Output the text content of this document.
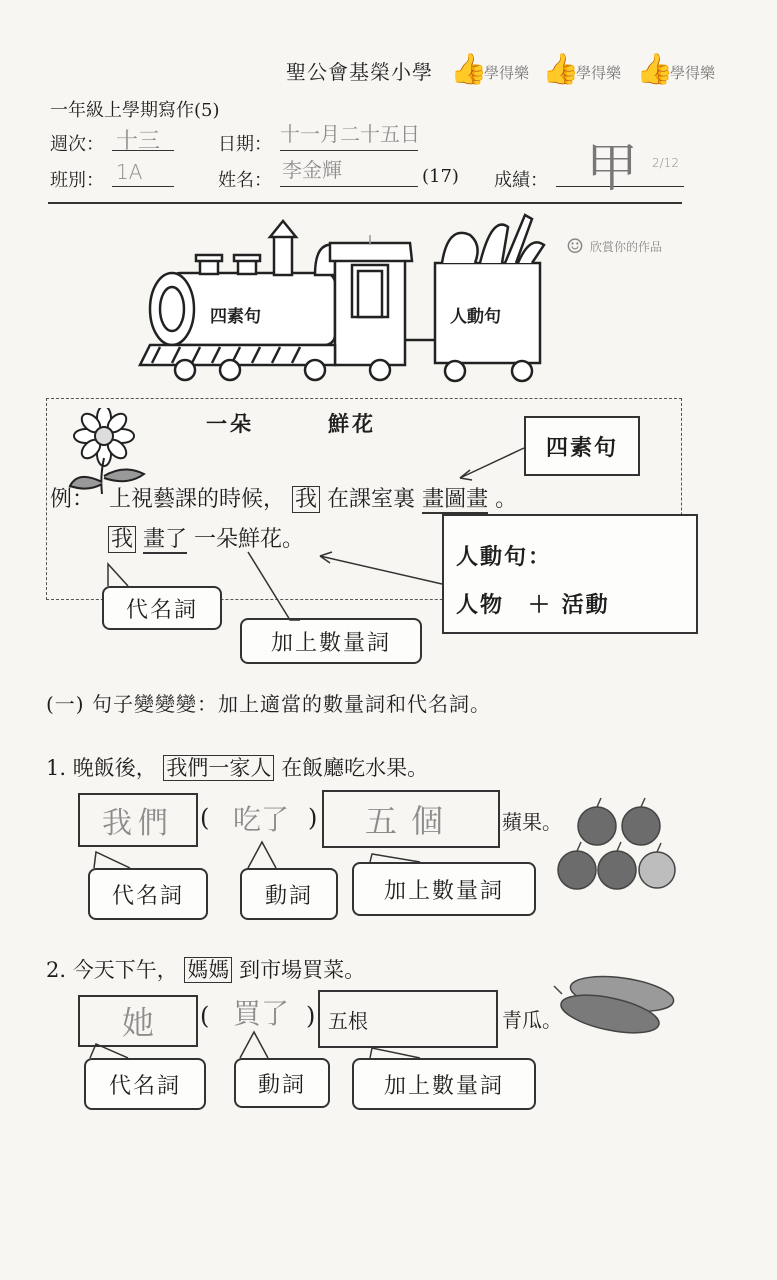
聖公會基榮小學 👍
學得樂 👍
學得樂 👍
學得樂
一年級上學期寫作(5)
週次： 十三	日期： 十一月二十五日
班別： 1A	姓名： 李金輝	(17) 成績： 甲 2/12
☺ 欣賞你的作品
四素句	人動句
一朵	鮮花
四素句
例： 上視藝課的時候， 我 在課室裏 畫圖畫 。
我 畫了 一朵鮮花。
人動句：
人物　＋ 活動
代名詞
加上數量詞
(一) 句子變變變：加上適當的數量詞和代名詞。
1. 晚飯後， 我們一家人 在飯廳吃水果。
我們 ( 吃了 ) 五個 蘋果。
代名詞	動詞	加上數量詞
2. 今天下午， 媽媽 到市場買菜。
她 ( 買了 ) 五根	青瓜。
代名詞	動詞	加上數量詞
